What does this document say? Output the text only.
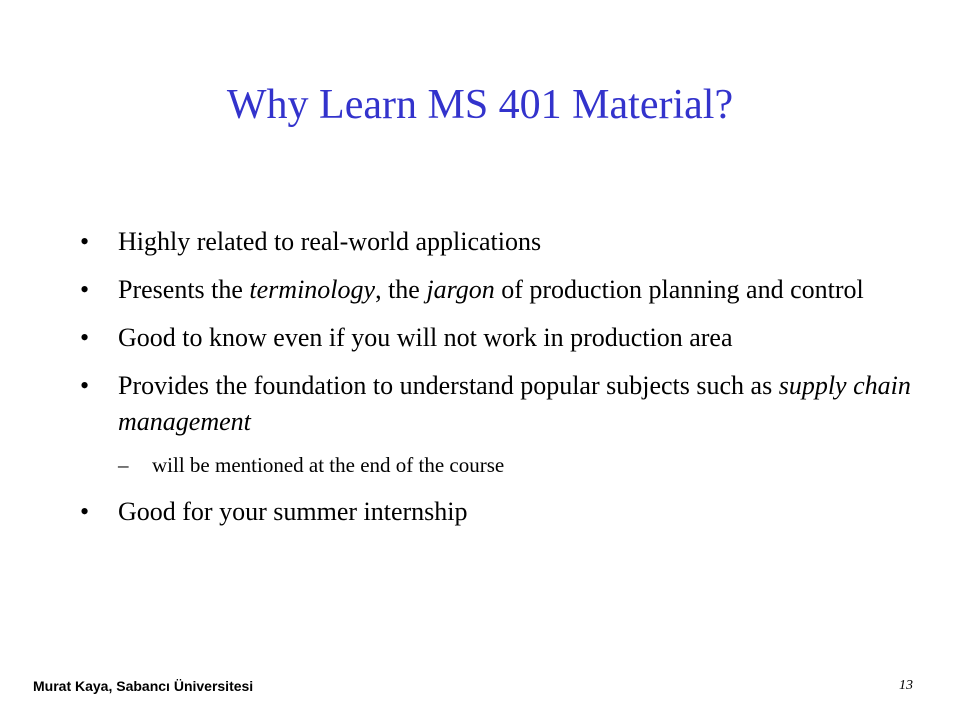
Why Learn MS 401 Material?
•	Highly related to real-world applications
•	Presents the terminology, the jargon of production planning and control
•	Good to know even if you will not work in production area
•	Provides the foundation to understand popular subjects such as supply chain management
– will be mentioned at the end of the course
•	Good for your summer internship
Murat Kaya, Sabancı Üniversitesi	13
